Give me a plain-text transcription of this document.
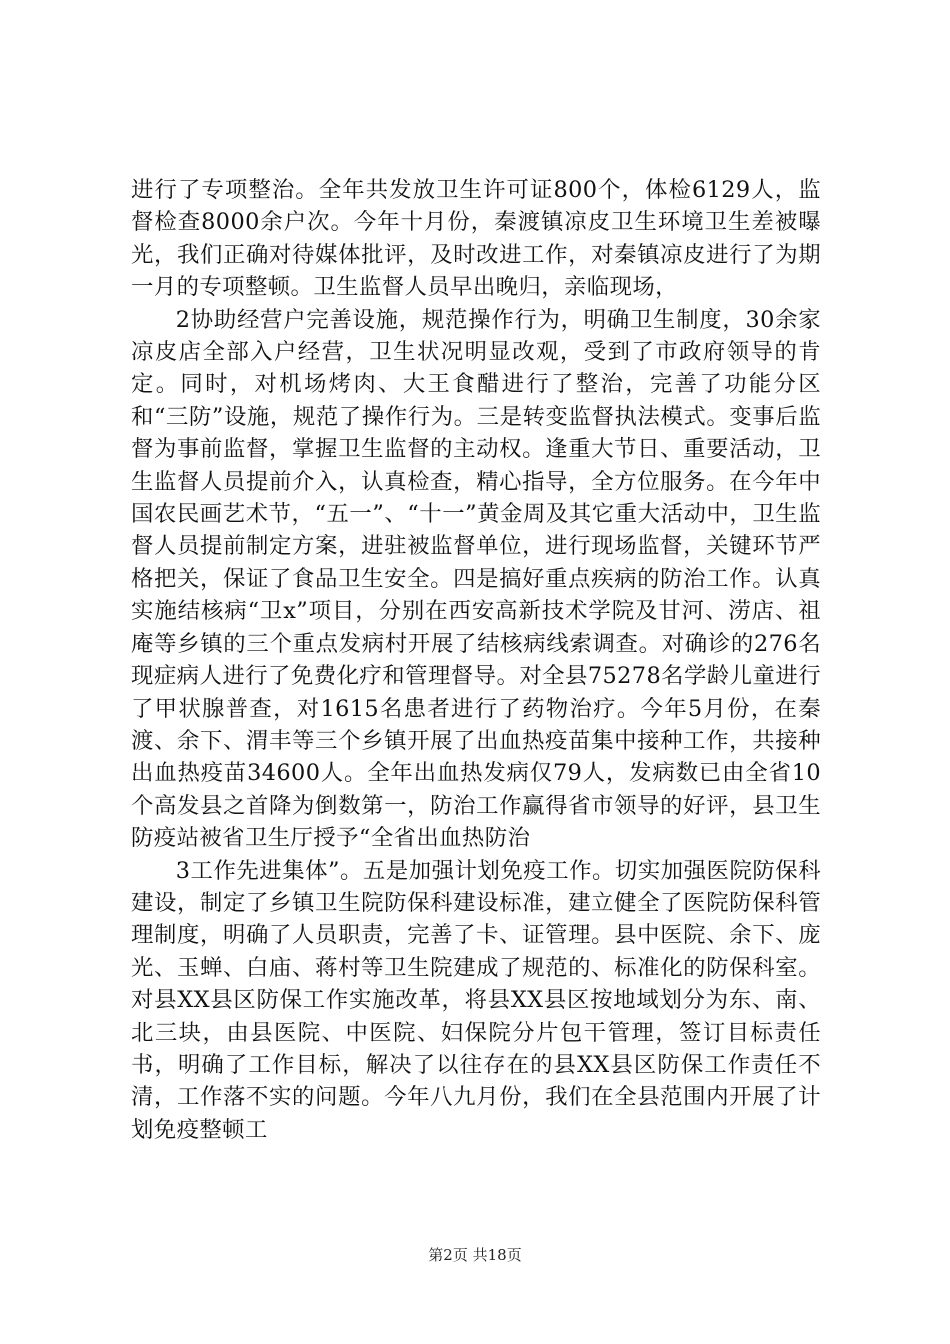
进行了专项整治。全年共发放卫生许可证800个，体检6129人，监督检查8000余户次。今年十月份，秦渡镇凉皮卫生环境卫生差被曝光，我们正确对待媒体批评，及时改进工作，对秦镇凉皮进行了为期一月的专项整顿。卫生监督人员早出晚归，亲临现场，

2协助经营户完善设施，规范操作行为，明确卫生制度，30余家凉皮店全部入户经营，卫生状况明显改观，受到了市政府领导的肯定。同时，对机场烤肉、大王食醋进行了整治，完善了功能分区和“三防”设施，规范了操作行为。三是转变监督执法模式。变事后监督为事前监督，掌握卫生监督的主动权。逢重大节日、重要活动，卫生监督人员提前介入，认真检查，精心指导，全方位服务。在今年中国农民画艺术节，“五一”、“十一”黄金周及其它重大活动中，卫生监督人员提前制定方案，进驻被监督单位，进行现场监督，关键环节严格把关，保证了食品卫生安全。四是搞好重点疾病的防治工作。认真实施结核病“卫x”项目，分别在西安高新技术学院及甘河、涝店、祖庵等乡镇的三个重点发病村开展了结核病线索调查。对确诊的276名现症病人进行了免费化疗和管理督导。对全县75278名学龄儿童进行了甲状腺普查，对1615名患者进行了药物治疗。今年5月份，在秦渡、余下、渭丰等三个乡镇开展了出血热疫苗集中接种工作，共接种出血热疫苗34600人。全年出血热发病仅79人，发病数已由全省10个高发县之首降为倒数第一，防治工作赢得省市领导的好评，县卫生防疫站被省卫生厅授予“全省出血热防治

3工作先进集体”。五是加强计划免疫工作。切实加强医院防保科建设，制定了乡镇卫生院防保科建设标准，建立健全了医院防保科管理制度，明确了人员职责，完善了卡、证管理。县中医院、余下、庞光、玉蝉、白庙、蒋村等卫生院建成了规范的、标准化的防保科室。对县XX县区防保工作实施改革，将县XX县区按地域划分为东、南、北三块，由县医院、中医院、妇保院分片包干管理，签订目标责任书，明确了工作目标，解决了以往存在的县XX县区防保工作责任不清，工作落不实的问题。今年八九月份，我们在全县范围内开展了计划免疫整顿工

第2页 共18页
